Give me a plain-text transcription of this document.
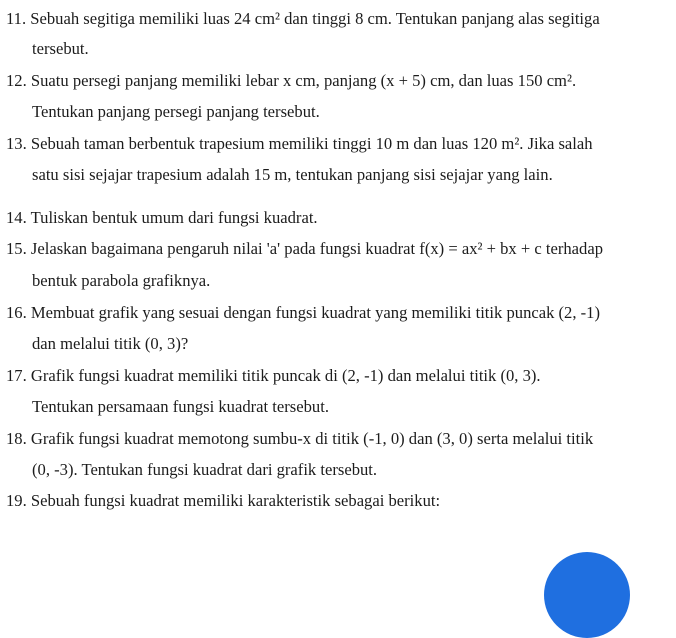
11. Sebuah segitiga memiliki luas 24 cm² dan tinggi 8 cm. Tentukan panjang alas segitiga
tersebut.
12. Suatu persegi panjang memiliki lebar x cm, panjang (x + 5) cm, dan luas 150 cm².
Tentukan panjang persegi panjang tersebut.
13. Sebuah taman berbentuk trapesium memiliki tinggi 10 m dan luas 120 m². Jika salah
satu sisi sejajar trapesium adalah 15 m, tentukan panjang sisi sejajar yang lain.
14. Tuliskan bentuk umum dari fungsi kuadrat.
15. Jelaskan bagaimana pengaruh nilai 'a' pada fungsi kuadrat f(x) = ax² + bx + c terhadap
bentuk parabola grafiknya.
16. Membuat grafik yang sesuai dengan fungsi kuadrat yang memiliki titik puncak (2, -1)
dan melalui titik (0, 3)?
17. Grafik fungsi kuadrat memiliki titik puncak di (2, -1) dan melalui titik (0, 3).
Tentukan persamaan fungsi kuadrat tersebut.
18. Grafik fungsi kuadrat memotong sumbu-x di titik (-1, 0) dan (3, 0) serta melalui titik
(0, -3). Tentukan fungsi kuadrat dari grafik tersebut.
19. Sebuah fungsi kuadrat memiliki karakteristik sebagai berikut:
